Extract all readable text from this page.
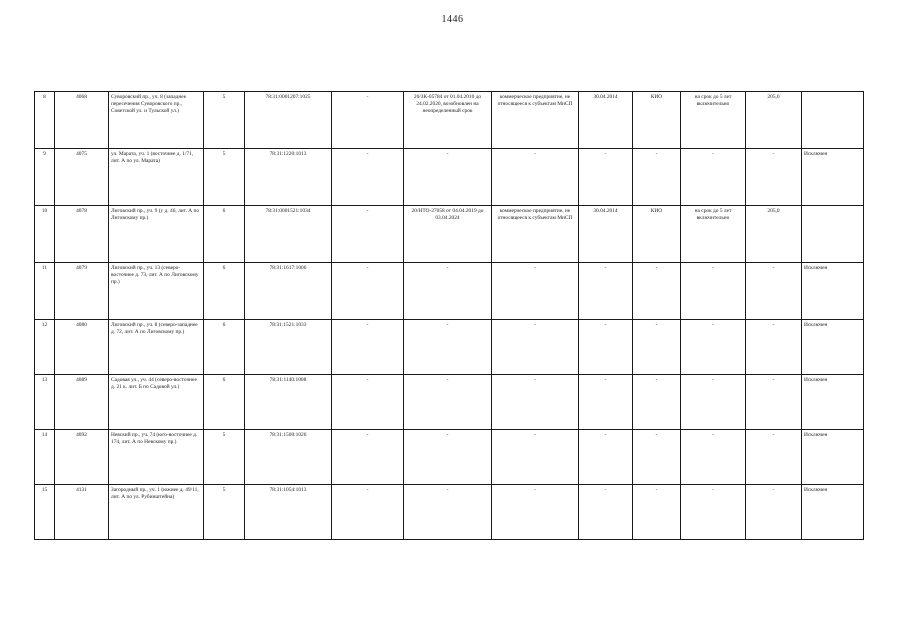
1446
8	4068	Суворовский пр., уч. 8 (западнее пересечения Суворовского пр., Советской ул. и Тульской ул.)	5	78:31:0001207:1025	-	20/ЗК-05784 от 01.04.2010 до 24.02.2020, возобновлен на неопределенный срок	коммерческое предприятие, не относящееся к субъектам МиСП	30.04.2014	КИО	на срок до 5 лет включительно	205,0	
9	4075	ул. Марата, уч. 1 (восточнее д. 1/71, лит. А по ул. Марата)	5	78:31:1220:1013	-	-	-	-	-	-	-	Исключен
10	4078	Лиговский пр., уч. 9 (у д. 46, лит. А по Лиговскому пр.)	6	78:31:0001521:1034	-	20/НТО-27058 от 04.04.2019 до 03.04.2024	коммерческое предприятие, не относящееся к субъектам МиСП	30.04.2014	КИО	на срок до 5 лет включительно	205,0	
11	4079	Лиговский пр., уч. 13 (северо-восточнее д. 73, лит. А по Лиговскому пр.)	6	78:31:1617:1006	-	-	-	-	-	-	-	Исключен
12	4080	Лиговский пр., уч. 8 (северо-западнее д. 72, лит. А по Лиговскому пр.)	6	78:31:1521:1033	-	-	-	-	-	-	-	Исключен
13	4089	Садовая ул., уч. 44 (северо-восточнее д. 21 к. лит. Б по Садовой ул.)	6	78:31:1140:1008	-	-	-	-	-	-	-	Исключен
14	4092	Невский пр., уч. 74 (юго-восточнее д. 174, лит. А по Невскому пр.)	5	78:31:1500:1026	-	-	-	-	-	-	-	Исключен
15	4131	Загородный пр., уч. 1 (южнее д. 49/11, лит. А по ул. Рубинштейна)	5	78:31:1054:1013	-	-	-	-	-	-	-	Исключен
